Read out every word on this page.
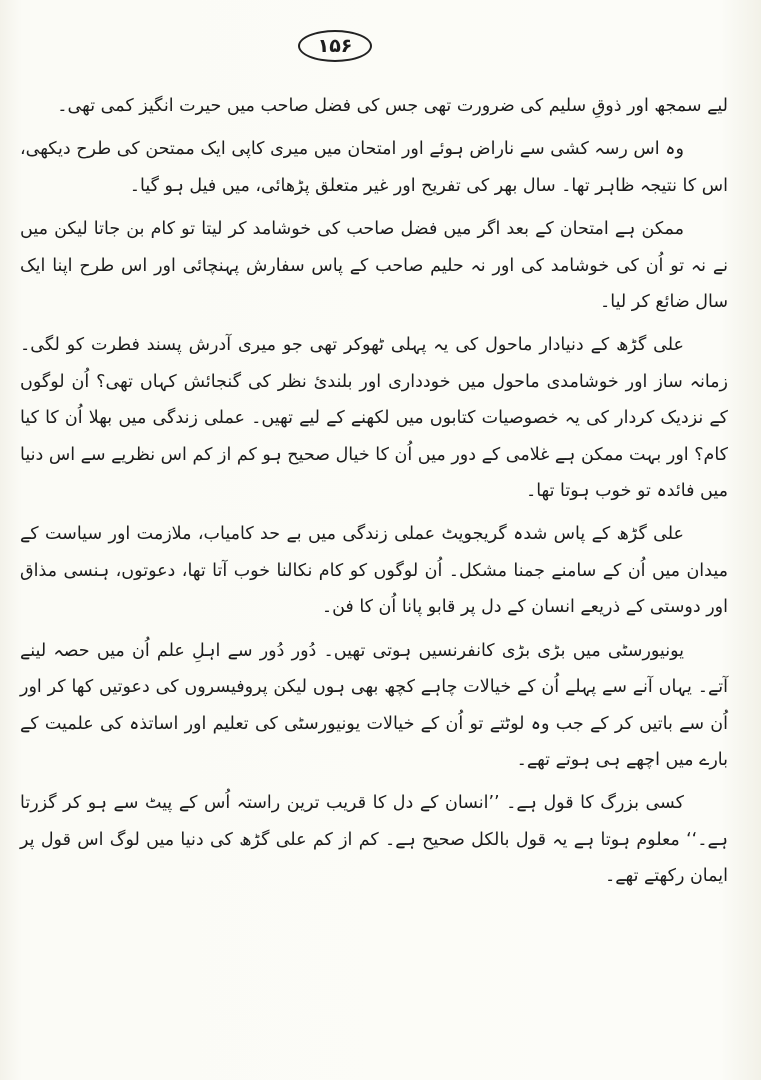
۱۵۶

لیے سمجھ اور ذوقِ سلیم کی ضرورت تھی جس کی فضل صاحب میں حیرت انگیز کمی تھی۔

وہ اس رسہ کشی سے ناراض ہوئے اور امتحان میں میری کاپی ایک ممتحن کی طرح دیکھی، اس کا نتیجہ ظاہر تھا۔ سال بھر کی تفریح اور غیر متعلق پڑھائی، میں فیل ہو گیا۔

ممکن ہے امتحان کے بعد اگر میں فضل صاحب کی خوشامد کر لیتا تو کام بن جاتا لیکن میں نے نہ تو اُن کی خوشامد کی اور نہ حلیم صاحب کے پاس سفارش پہنچائی اور اس طرح اپنا ایک سال ضائع کر لیا۔

علی گڑھ کے دنیادار ماحول کی یہ پہلی ٹھوکر تھی جو میری آدرش پسند فطرت کو لگی۔ زمانہ ساز اور خوشامدی ماحول میں خودداری اور بلندیٔ نظر کی گنجائش کہاں تھی؟ اُن لوگوں کے نزدیک کردار کی یہ خصوصیات کتابوں میں لکھنے کے لیے تھیں۔ عملی زندگی میں بھلا اُن کا کیا کام؟ اور بہت ممکن ہے غلامی کے دور میں اُن کا خیال صحیح ہو کم از کم اس نظریے سے اس دنیا میں فائدہ تو خوب ہوتا تھا۔

علی گڑھ کے پاس شدہ گریجویٹ عملی زندگی میں بے حد کامیاب، ملازمت اور سیاست کے میدان میں اُن کے سامنے جمنا مشکل۔ اُن لوگوں کو کام نکالنا خوب آتا تھا، دعوتوں، ہنسی مذاق اور دوستی کے ذریعے انسان کے دل پر قابو پانا اُن کا فن۔

یونیورسٹی میں بڑی بڑی کانفرنسیں ہوتی تھیں۔ دُور دُور سے اہلِ علم اُن میں حصہ لینے آتے۔ یہاں آنے سے پہلے اُن کے خیالات چاہے کچھ بھی ہوں لیکن پروفیسروں کی دعوتیں کھا کر اور اُن سے باتیں کر کے جب وہ لوٹتے تو اُن کے خیالات یونیورسٹی کی تعلیم اور اساتذہ کی علمیت کے بارے میں اچھے ہی ہوتے تھے۔

کسی بزرگ کا قول ہے۔ ’’انسان کے دل کا قریب ترین راستہ اُس کے پیٹ سے ہو کر گزرتا ہے۔‘‘ معلوم ہوتا ہے یہ قول بالکل صحیح ہے۔ کم از کم علی گڑھ کی دنیا میں لوگ اس قول پر ایمان رکھتے تھے۔
